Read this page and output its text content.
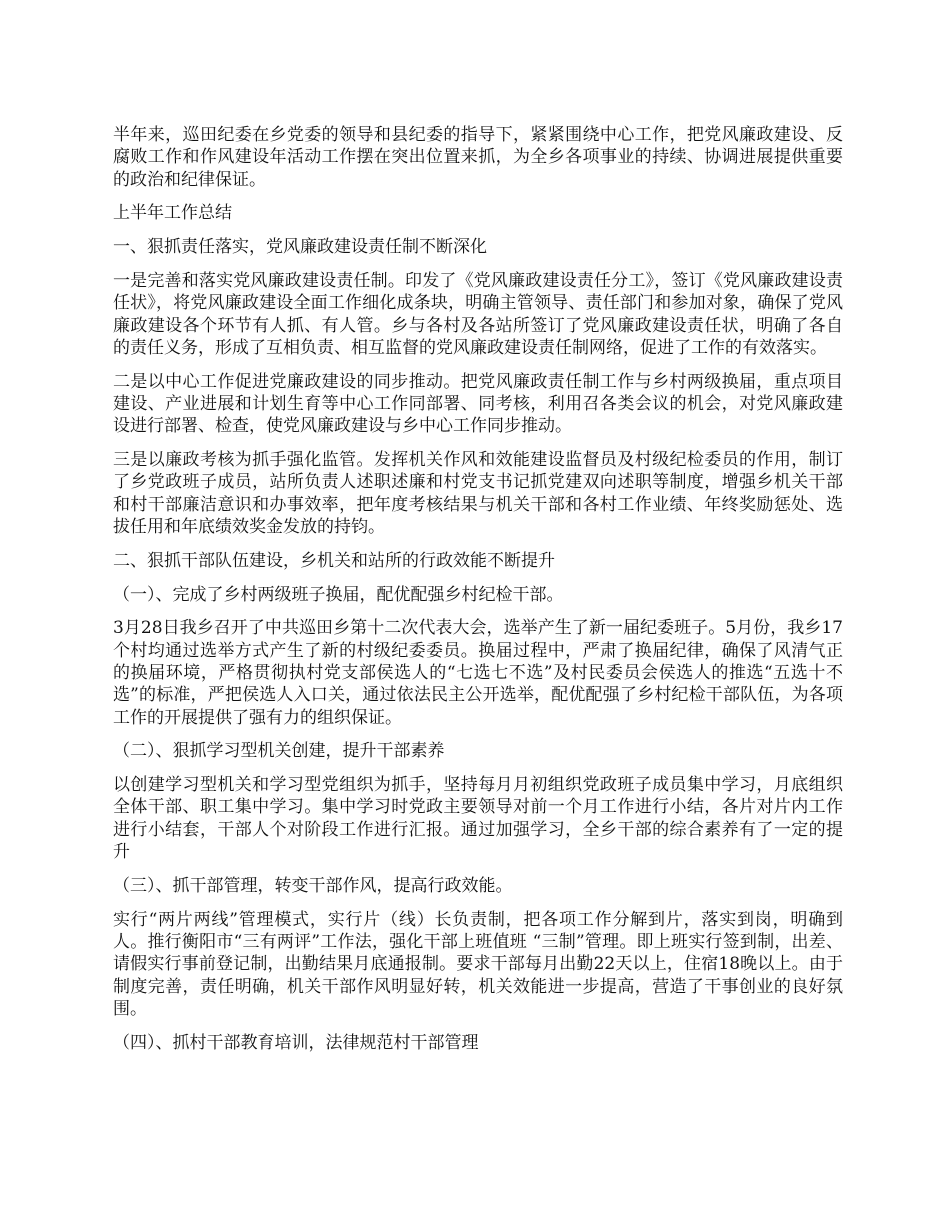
半年来，巡田纪委在乡党委的领导和县纪委的指导下，紧紧围绕中心工作，把党风廉政建设、反腐败工作和作风建设年活动工作摆在突出位置来抓，为全乡各项事业的持续、协调进展提供重要的政治和纪律保证。

上半年工作总结

一、狠抓责任落实，党风廉政建设责任制不断深化

一是完善和落实党风廉政建设责任制。印发了《党风廉政建设责任分工》，签订《党风廉政建设责任状》，将党风廉政建设全面工作细化成条块，明确主管领导、责任部门和参加对象，确保了党风廉政建设各个环节有人抓、有人管。乡与各村及各站所签订了党风廉政建设责任状，明确了各自的责任义务，形成了互相负责、相互监督的党风廉政建设责任制网络，促进了工作的有效落实。

二是以中心工作促进党廉政建设的同步推动。把党风廉政责任制工作与乡村两级换届，重点项目建设、产业进展和计划生育等中心工作同部署、同考核，利用召各类会议的机会，对党风廉政建设进行部署、检查，使党风廉政建设与乡中心工作同步推动。

三是以廉政考核为抓手强化监管。发挥机关作风和效能建设监督员及村级纪检委员的作用，制订了乡党政班子成员，站所负责人述职述廉和村党支书记抓党建双向述职等制度，增强乡机关干部和村干部廉洁意识和办事效率，把年度考核结果与机关干部和各村工作业绩、年终奖励惩处、选拔任用和年底绩效奖金发放的持钧。

二、狠抓干部队伍建设，乡机关和站所的行政效能不断提升

（一）、完成了乡村两级班子换届，配优配强乡村纪检干部。

3月28日我乡召开了中共巡田乡第十二次代表大会，选举产生了新一届纪委班子。5月份，我乡17个村均通过选举方式产生了新的村级纪委委员。换届过程中，严肃了换届纪律，确保了风清气正的换届环境，严格贯彻执村党支部侯选人的“七选七不选”及村民委员会侯选人的推选“五选十不选”的标准，严把侯选人入口关，通过依法民主公开选举，配优配强了乡村纪检干部队伍，为各项工作的开展提供了强有力的组织保证。

（二）、狠抓学习型机关创建，提升干部素养

以创建学习型机关和学习型党组织为抓手，坚持每月月初组织党政班子成员集中学习，月底组织全体干部、职工集中学习。集中学习时党政主要领导对前一个月工作进行小结，各片对片内工作进行小结套，干部人个对阶段工作进行汇报。通过加强学习，全乡干部的综合素养有了一定的提升

（三）、抓干部管理，转变干部作风，提高行政效能。

实行“两片两线”管理模式，实行片（线）长负责制，把各项工作分解到片，落实到岗，明确到人。推行衡阳市“三有两评”工作法，强化干部上班值班 “三制”管理。即上班实行签到制，出差、请假实行事前登记制，出勤结果月底通报制。要求干部每月出勤22天以上，住宿18晚以上。由于制度完善，责任明确，机关干部作风明显好转，机关效能进一步提高，营造了干事创业的良好氛围。

（四）、抓村干部教育培训，法律规范村干部管理
